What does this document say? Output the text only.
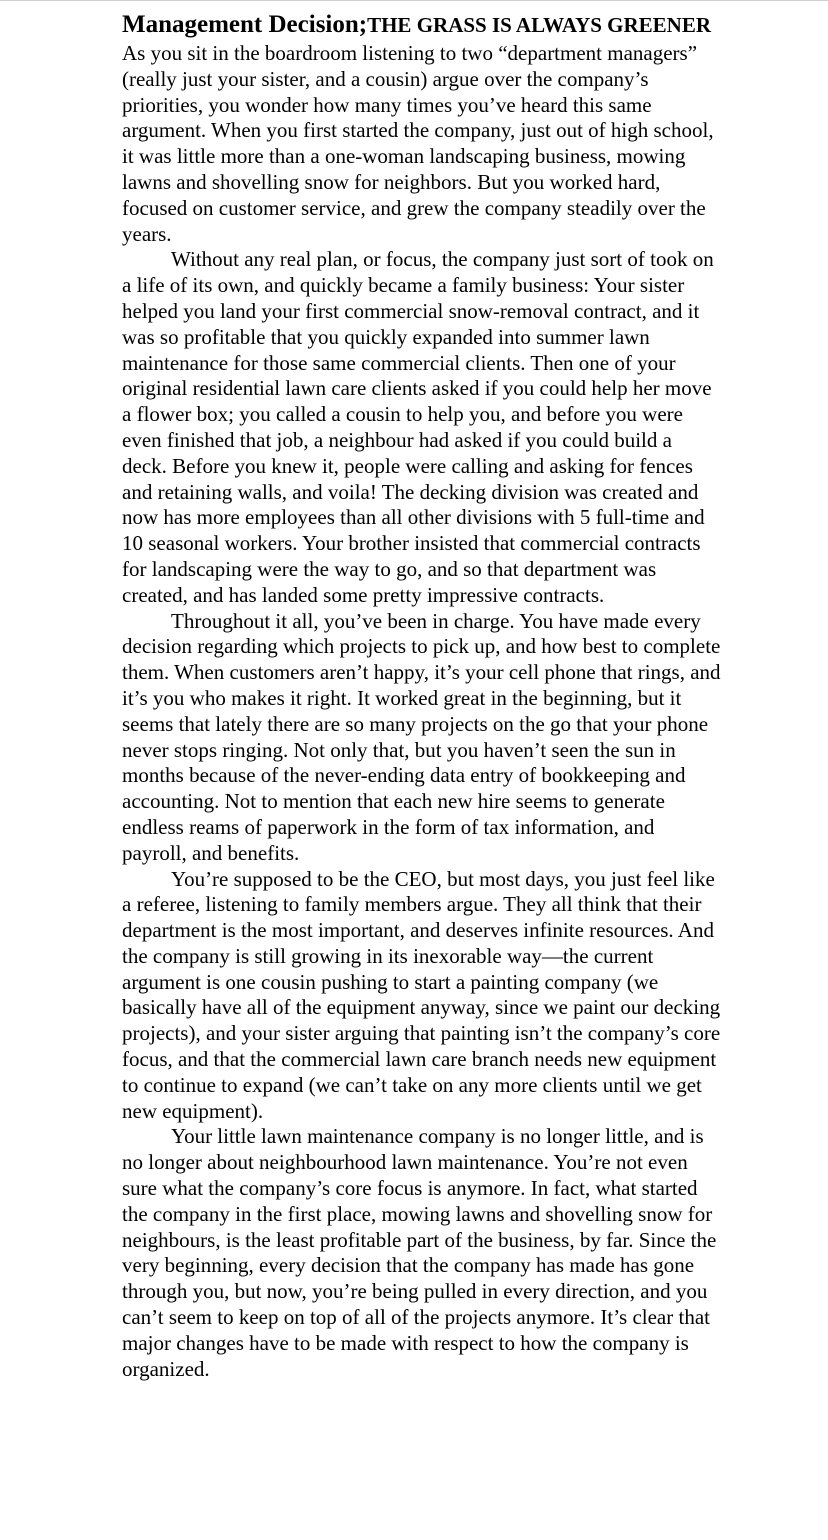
Management Decision;THE GRASS IS ALWAYS GREENER

As you sit in the boardroom listening to two “department managers” (really just your sister, and a cousin) argue over the company’s priorities, you wonder how many times you’ve heard this same argument. When you first started the company, just out of high school, it was little more than a one-woman landscaping business, mowing lawns and shovelling snow for neighbors. But you worked hard, focused on customer service, and grew the company steadily over the years.

Without any real plan, or focus, the company just sort of took on a life of its own, and quickly became a family business: Your sister helped you land your first commercial snow-removal contract, and it was so profitable that you quickly expanded into summer lawn maintenance for those same commercial clients. Then one of your original residential lawn care clients asked if you could help her move a flower box; you called a cousin to help you, and before you were even finished that job, a neighbour had asked if you could build a deck. Before you knew it, people were calling and asking for fences and retaining walls, and voila! The decking division was created and now has more employees than all other divisions with 5 full-time and 10 seasonal workers. Your brother insisted that commercial contracts for landscaping were the way to go, and so that department was created, and has landed some pretty impressive contracts.

Throughout it all, you’ve been in charge. You have made every decision regarding which projects to pick up, and how best to complete them. When customers aren’t happy, it’s your cell phone that rings, and it’s you who makes it right. It worked great in the beginning, but it seems that lately there are so many projects on the go that your phone never stops ringing. Not only that, but you haven’t seen the sun in months because of the never-ending data entry of bookkeeping and accounting. Not to mention that each new hire seems to generate endless reams of paperwork in the form of tax information, and payroll, and benefits.

You’re supposed to be the CEO, but most days, you just feel like a referee, listening to family members argue. They all think that their department is the most important, and deserves infinite resources. And the company is still growing in its inexorable way—the current argument is one cousin pushing to start a painting company (we basically have all of the equipment anyway, since we paint our decking projects), and your sister arguing that painting isn’t the company’s core focus, and that the commercial lawn care branch needs new equipment to continue to expand (we can’t take on any more clients until we get new equipment).

Your little lawn maintenance company is no longer little, and is no longer about neighbourhood lawn maintenance. You’re not even sure what the company’s core focus is anymore. In fact, what started the company in the first place, mowing lawns and shovelling snow for neighbours, is the least profitable part of the business, by far. Since the very beginning, every decision that the company has made has gone through you, but now, you’re being pulled in every direction, and you can’t seem to keep on top of all of the projects anymore. It’s clear that major changes have to be made with respect to how the company is organized.
